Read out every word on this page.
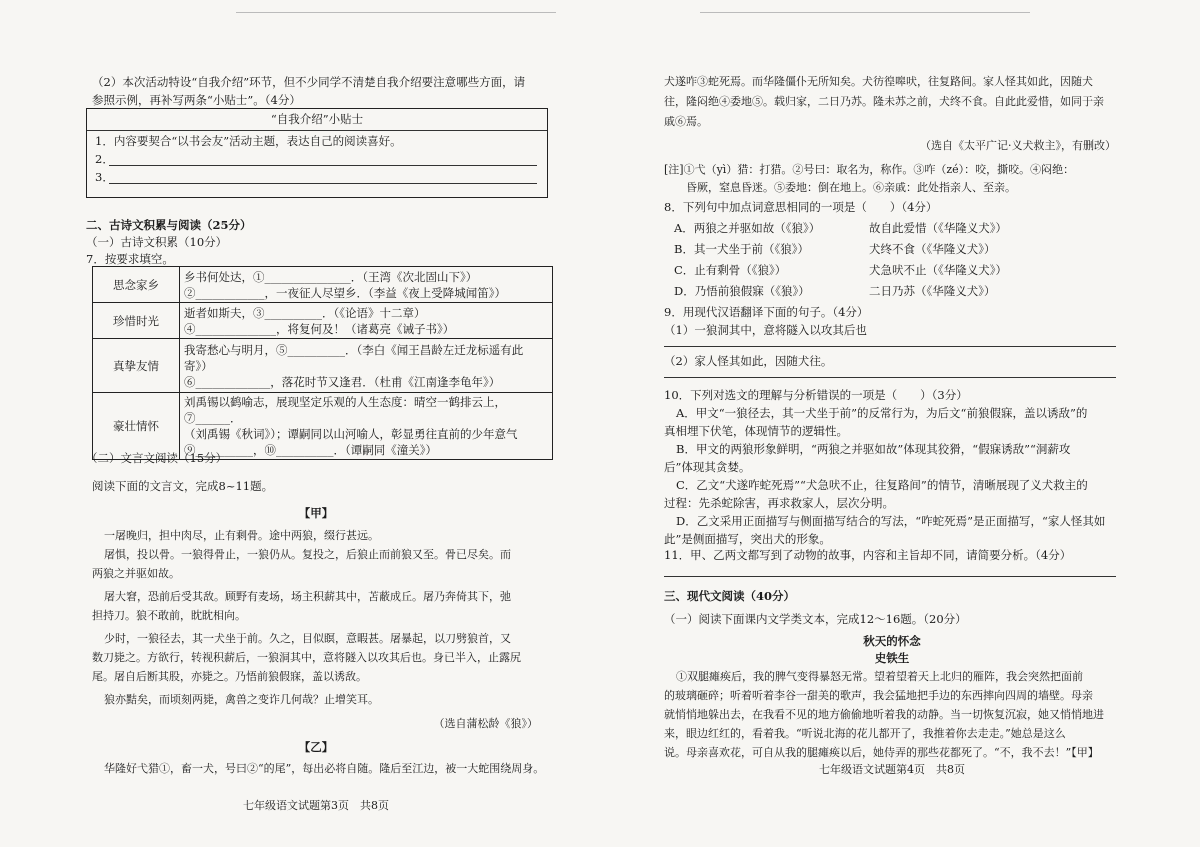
（2）本次活动特设“自我介绍”环节，但不少同学不清楚自我介绍要注意哪些方面，请
参照示例，再补写两条“小贴士”。（4分）
“自我介绍”小贴士
1．内容要契合“以书会友”活动主题，表达自己的阅读喜好。
2．
3．
二、古诗文积累与阅读（25分）
（一）古诗文积累（10分）
7．按要求填空。
思念家乡	乡书何处达，①_______________．（王湾《次北固山下》）
②____________，一夜征人尽望乡．（李益《夜上受降城闻笛》）

珍惜时光	逝者如斯夫，③__________．（《论语》十二章）
④______________，将复何及！（诸葛亮《诫子书》）

真挚友情	我寄愁心与明月，⑤__________．（李白《闻王昌龄左迁龙标遥有此
寄》）
⑥_____________，落花时节又逢君．（杜甫《江南逢李龟年》）

豪壮情怀	刘禹锡以鹤喻志，展现坚定乐观的人生态度：晴空一鹤排云上，⑦______．
（刘禹锡《秋词》）；谭嗣同以山河喻人，彰显勇往直前的少年意气
⑨__________，⑩__________．（谭嗣同《潼关》）
（二）文言文阅读（15分）
阅读下面的文言文，完成8~11题。
【甲】
一屠晚归，担中肉尽，止有剩骨。途中两狼，缀行甚远。
屠惧，投以骨。一狼得骨止，一狼仍从。复投之，后狼止而前狼又至。骨已尽矣。而
两狼之并驱如故。
屠大窘，恐前后受其敌。顾野有麦场，场主积薪其中，苫蔽成丘。屠乃奔倚其下，弛
担持刀。狼不敢前，眈眈相向。
少时，一狼径去，其一犬坐于前。久之，目似瞑，意暇甚。屠暴起，以刀劈狼首，又
数刀毙之。方欲行，转视积薪后，一狼洞其中，意将隧入以攻其后也。身已半入，止露尻
尾。屠自后断其股，亦毙之。乃悟前狼假寐，盖以诱敌。
狼亦黠矣，而顷刻两毙，禽兽之变诈几何哉？止增笑耳。
（选自蒲松龄《狼》）
【乙】
华隆好弋猎①，畜一犬，号曰②“的尾”，每出必将自随。隆后至江边，被一大蛇围绕周身。
七年级语文试题第3页　共8页
犬遂咋③蛇死焉。而华隆僵仆无所知矣。犬彷徨嗥吠，往复路间。家人怪其如此，因随犬
往，隆闷绝④委地⑤。载归家，二日乃苏。隆未苏之前，犬终不食。自此此爱惜，如同于亲
戚⑥焉。
（选自《太平广记·义犬救主》，有删改）
[注]①弋（yì）猎：打猎。②号曰：取名为，称作。③咋（zé）：咬，撕咬。④闷绝：
昏厥，窒息昏迷。⑤委地：倒在地上。⑥亲戚：此处指亲人、至亲。
8．下列句中加点词意思相同的一项是（　　）（4分）
A．两狼之并驱如故（《狼》）	故自此爱惜（《华隆义犬》）
B．其一犬坐于前（《狼》）	犬终不食（《华隆义犬》）
C．止有剩骨（《狼》）	犬急吠不止（《华隆义犬》）
D．乃悟前狼假寐（《狼》）	二日乃苏（《华隆义犬》）
9．用现代汉语翻译下面的句子。（4分）
（1）一狼洞其中，意将隧入以攻其后也
（2）家人怪其如此，因随犬往。
10．下列对选文的理解与分析错误的一项是（　　）（3分）
A．甲文“一狼径去，其一犬坐于前”的反常行为，为后文“前狼假寐，盖以诱敌”的
真相埋下伏笔，体现情节的逻辑性。
B．甲文的两狼形象鲜明，“两狼之并驱如故”体现其狡猾，“假寐诱敌”“洞薪攻
后”体现其贪婪。
C．乙文“犬遂咋蛇死焉”“犬急吠不止，往复路间”的情节，清晰展现了义犬救主的
过程：先杀蛇除害，再求救家人，层次分明。
D．乙文采用正面描写与侧面描写结合的写法，“咋蛇死焉”是正面描写，“家人怪其如
此”是侧面描写，突出犬的形象。
11．甲、乙两文都写到了动物的故事，内容和主旨却不同，请简要分析。（4分）
三、现代文阅读（40分）
（一）阅读下面课内文学类文本，完成12～16题。（20分）
秋天的怀念
史铁生
①双腿瘫痪后，我的脾气变得暴怒无常。望着望着天上北归的雁阵，我会突然把面前
的玻璃砸碎；听着听着李谷一甜美的歌声，我会猛地把手边的东西摔向四周的墙壁。母亲
就悄悄地躲出去，在我看不见的地方偷偷地听着我的动静。当一切恢复沉寂，她又悄悄地进
来，眼边红红的，看着我。“听说北海的花儿都开了，我推着你去走走。”她总是这么
说。母亲喜欢花，可自从我的腿瘫痪以后，她侍弄的那些花都死了。“不，我不去！”【甲】
七年级语文试题第4页　共8页
